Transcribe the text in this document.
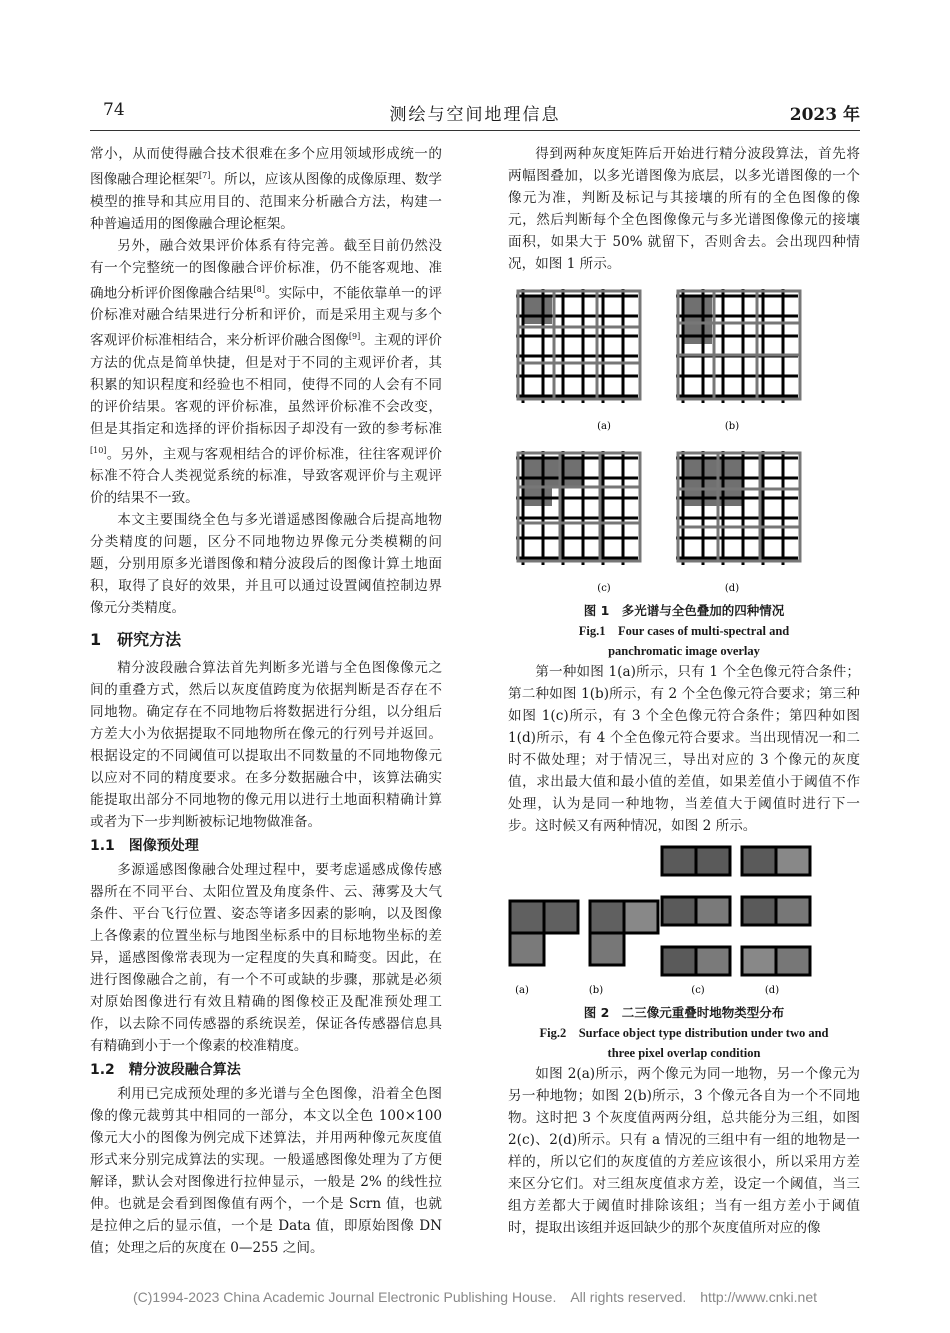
74	测绘与空间地理信息	2023 年

常小，从而使得融合技术很难在多个应用领域形成统一的图像融合理论框架[7]。所以，应该从图像的成像原理、数学模型的推导和其应用目的、范围来分析融合方法，构建一种普遍适用的图像融合理论框架。

另外，融合效果评价体系有待完善。截至目前仍然没有一个完整统一的图像融合评价标准，仍不能客观地、准确地分析评价图像融合结果[8]。实际中，不能依靠单一的评价标准对融合结果进行分析和评价，而是采用主观与多个客观评价标准相结合，来分析评价融合图像[9]。主观的评价方法的优点是简单快捷，但是对于不同的主观评价者，其积累的知识程度和经验也不相同，使得不同的人会有不同的评价结果。客观的评价标准，虽然评价标准不会改变，但是其指定和选择的评价指标因子却没有一致的参考标准[10]。另外，主观与客观相结合的评价标准，往往客观评价标准不符合人类视觉系统的标准，导致客观评价与主观评价的结果不一致。

本文主要围绕全色与多光谱遥感图像融合后提高地物分类精度的问题，区分不同地物边界像元分类模糊的问题，分别用原多光谱图像和精分波段后的图像计算土地面积，取得了良好的效果，并且可以通过设置阈值控制边界像元分类精度。

1　研究方法

精分波段融合算法首先判断多光谱与全色图像像元之间的重叠方式，然后以灰度值跨度为依据判断是否存在不同地物。确定存在不同地物后将数据进行分组，以分组后方差大小为依据提取不同地物所在像元的行列号并返回。根据设定的不同阈值可以提取出不同数量的不同地物像元以应对不同的精度要求。在多分数据融合中，该算法确实能提取出部分不同地物的像元用以进行土地面积精确计算或者为下一步判断被标记地物做准备。

1.1　图像预处理

多源遥感图像融合处理过程中，要考虑遥感成像传感器所在不同平台、太阳位置及角度条件、云、薄雾及大气条件、平台飞行位置、姿态等诸多因素的影响，以及图像上各像素的位置坐标与地图坐标系中的目标地物坐标的差异，遥感图像常表现为一定程度的失真和畸变。因此，在进行图像融合之前，有一个不可或缺的步骤，那就是必须对原始图像进行有效且精确的图像校正及配准预处理工作，以去除不同传感器的系统误差，保证各传感器信息具有精确到小于一个像素的校准精度。

1.2　精分波段融合算法

利用已完成预处理的多光谱与全色图像，沿着全色图像的像元裁剪其中相同的一部分，本文以全色 100×100 像元大小的图像为例完成下述算法，并用两种像元灰度值形式来分别完成算法的实现。一般遥感图像处理为了方便解译，默认会对图像进行拉伸显示，一般是 2% 的线性拉伸。也就是会看到图像值有两个，一个是 Scrn 值，也就是拉伸之后的显示值，一个是 Data 值，即原始图像 DN 值；处理之后的灰度在 0—255 之间。

得到两种灰度矩阵后开始进行精分波段算法，首先将两幅图叠加，以多光谱图像为底层，以多光谱图像的一个像元为准，判断及标记与其接壤的所有的全色图像的像元，然后判断每个全色图像像元与多光谱图像像元的接壤面积，如果大于 50% 就留下，否则舍去。会出现四种情况，如图 1 所示。

(a)	(b)
(c)	(d)
图 1　多光谱与全色叠加的四种情况
Fig.1　Four cases of multi-spectral and
panchromatic image overlay

第一种如图 1(a)所示，只有 1 个全色像元符合条件；第二种如图 1(b)所示，有 2 个全色像元符合要求；第三种如图 1(c)所示，有 3 个全色像元符合条件；第四种如图 1(d)所示，有 4 个全色像元符合要求。当出现情况一和二时不做处理；对于情况三，导出对应的 3 个像元的灰度值，求出最大值和最小值的差值，如果差值小于阈值不作处理，认为是同一种地物，当差值大于阈值时进行下一步。这时候又有两种情况，如图 2 所示。

(a)	(b)	(c)	(d)
图 2　二三像元重叠时地物类型分布
Fig.2　Surface object type distribution under two and
three pixel overlap condition

如图 2(a)所示，两个像元为同一地物，另一个像元为另一种地物；如图 2(b)所示，3 个像元各自为一个不同地物。这时把 3 个灰度值两两分组，总共能分为三组，如图 2(c)、2(d)所示。只有 a 情况的三组中有一组的地物是一样的，所以它们的灰度值的方差应该很小，所以采用方差来区分它们。对三组灰度值求方差，设定一个阈值，当三组方差都大于阈值时排除该组；当有一组方差小于阈值时，提取出该组并返回缺少的那个灰度值所对应的像

(C)1994-2023 China Academic Journal Electronic Publishing House.　All rights reserved.　http://www.cnki.net
